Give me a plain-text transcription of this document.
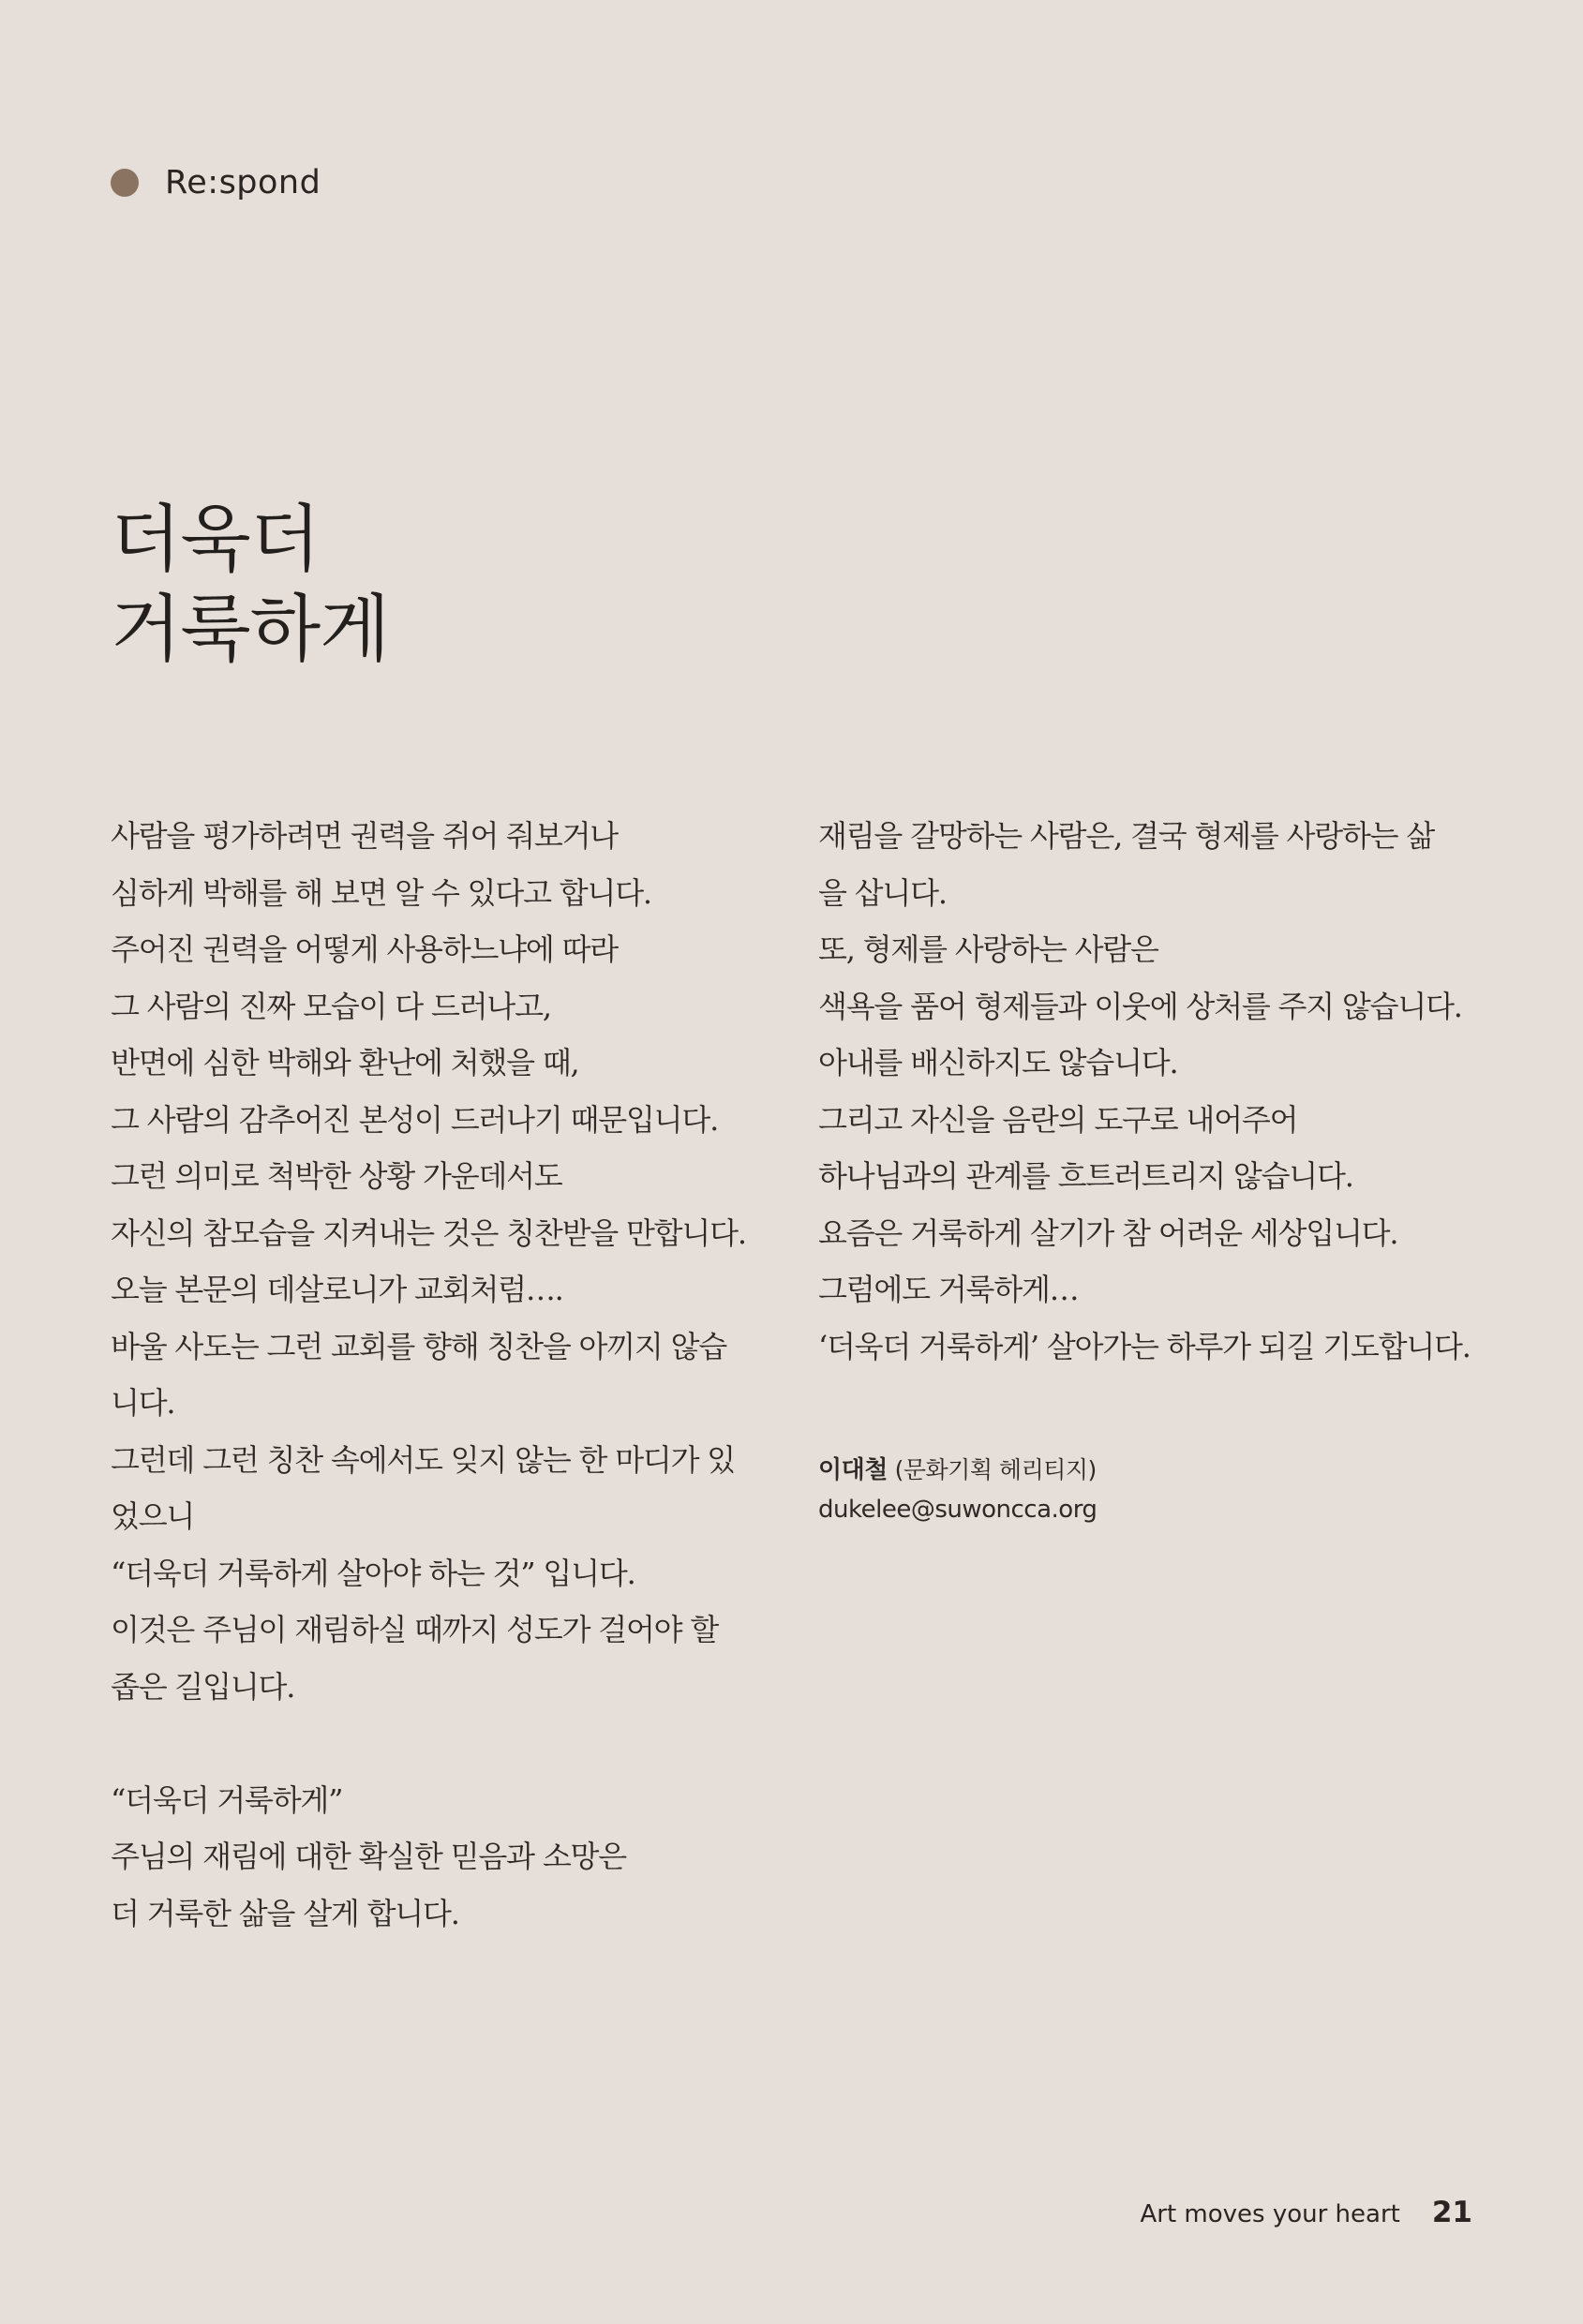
Re:spond
더욱더
거룩하게
사람을 평가하려면 권력을 쥐어 줘보거나
심하게 박해를 해 보면 알 수 있다고 합니다.
주어진 권력을 어떻게 사용하느냐에 따라
그 사람의 진짜 모습이 다 드러나고,
반면에 심한 박해와 환난에 처했을 때,
그 사람의 감추어진 본성이 드러나기 때문입니다.
그런 의미로 척박한 상황 가운데서도
자신의 참모습을 지켜내는 것은 칭찬받을 만합니다.
오늘 본문의 데살로니가 교회처럼….
바울 사도는 그런 교회를 향해 칭찬을 아끼지 않습
니다.
그런데 그런 칭찬 속에서도 잊지 않는 한 마디가 있
었으니
“더욱더 거룩하게 살아야 하는 것” 입니다.
이것은 주님이 재림하실 때까지 성도가 걸어야 할
좁은 길입니다.
“더욱더 거룩하게”
주님의 재림에 대한 확실한 믿음과 소망은
더 거룩한 삶을 살게 합니다.
재림을 갈망하는 사람은, 결국 형제를 사랑하는 삶
을 삽니다.
또, 형제를 사랑하는 사람은
색욕을 품어 형제들과 이웃에 상처를 주지 않습니다.
아내를 배신하지도 않습니다.
그리고 자신을 음란의 도구로 내어주어
하나님과의 관계를 흐트러트리지 않습니다.
요즘은 거룩하게 살기가 참 어려운 세상입니다.
그럼에도 거룩하게…
‘더욱더 거룩하게’ 살아가는 하루가 되길 기도합니다.
이대철 (문화기획 헤리티지)
dukelee@suwoncca.org
Art moves your heart 21
